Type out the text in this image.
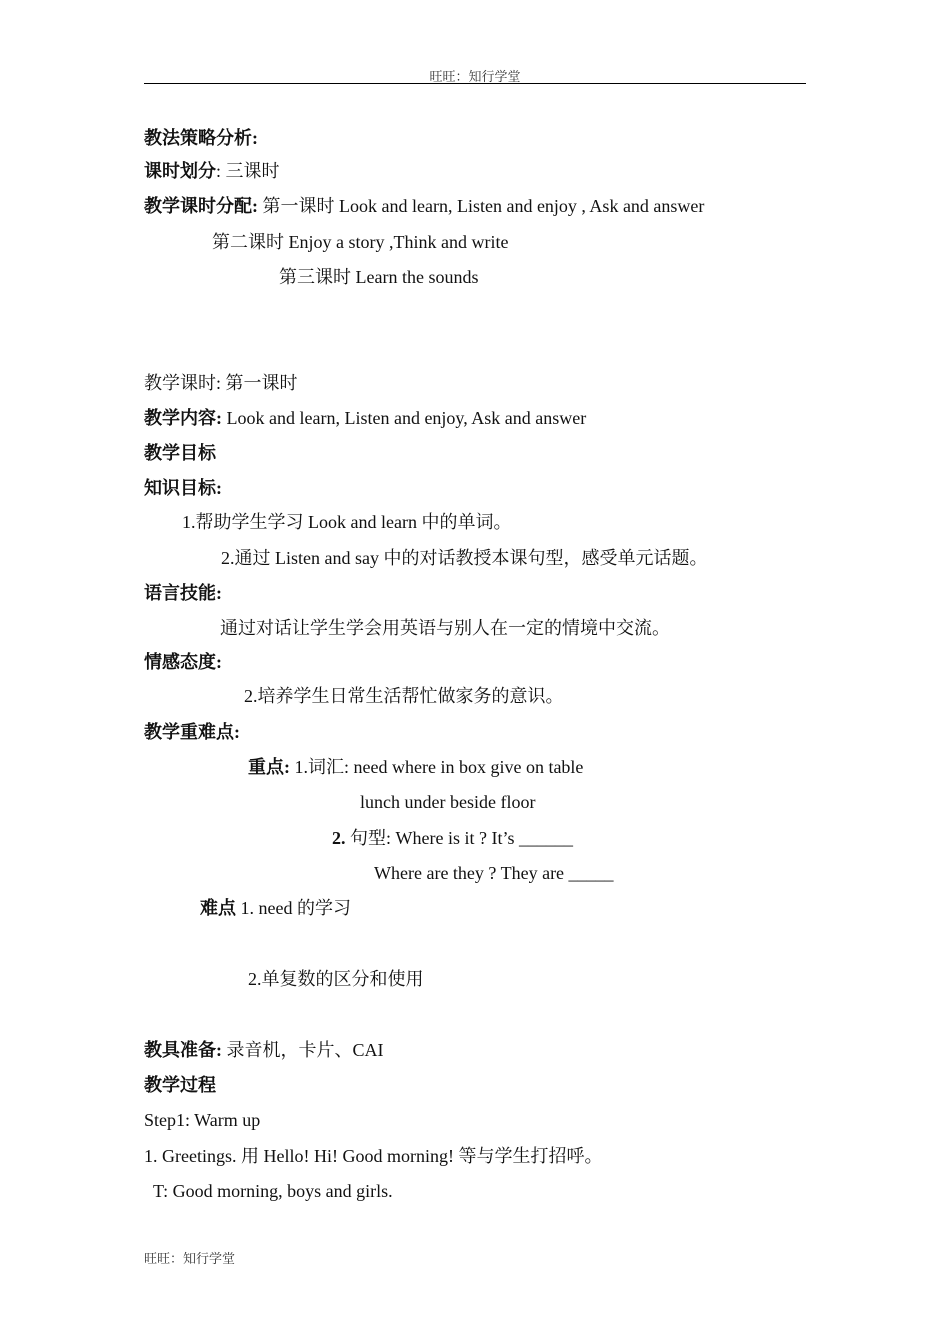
旺旺：知行学堂
教法策略分析:
课时划分: 三课时
教学课时分配: 第一课时 Look and learn, Listen and enjoy , Ask and answer
第二课时 Enjoy a story ,Think and write
第三课时 Learn the sounds
教学课时: 第一课时
教学内容: Look and learn, Listen and enjoy, Ask and answer
教学目标
知识目标:
1.帮助学生学习 Look and learn 中的单词。
2.通过 Listen and say 中的对话教授本课句型，感受单元话题。
语言技能:
通过对话让学生学会用英语与别人在一定的情境中交流。
情感态度:
2.培养学生日常生活帮忙做家务的意识。
教学重难点:
重点: 1.词汇: need where in box give on table
lunch under beside floor
2. 句型: Where is it ? It’s ______
Where are they ? They are _____
难点 1. need 的学习
2.单复数的区分和使用
教具准备: 录音机，卡片、CAI
教学过程
Step1: Warm up
1. Greetings. 用 Hello! Hi! Good morning! 等与学生打招呼。
T: Good morning, boys and girls.
旺旺：知行学堂
